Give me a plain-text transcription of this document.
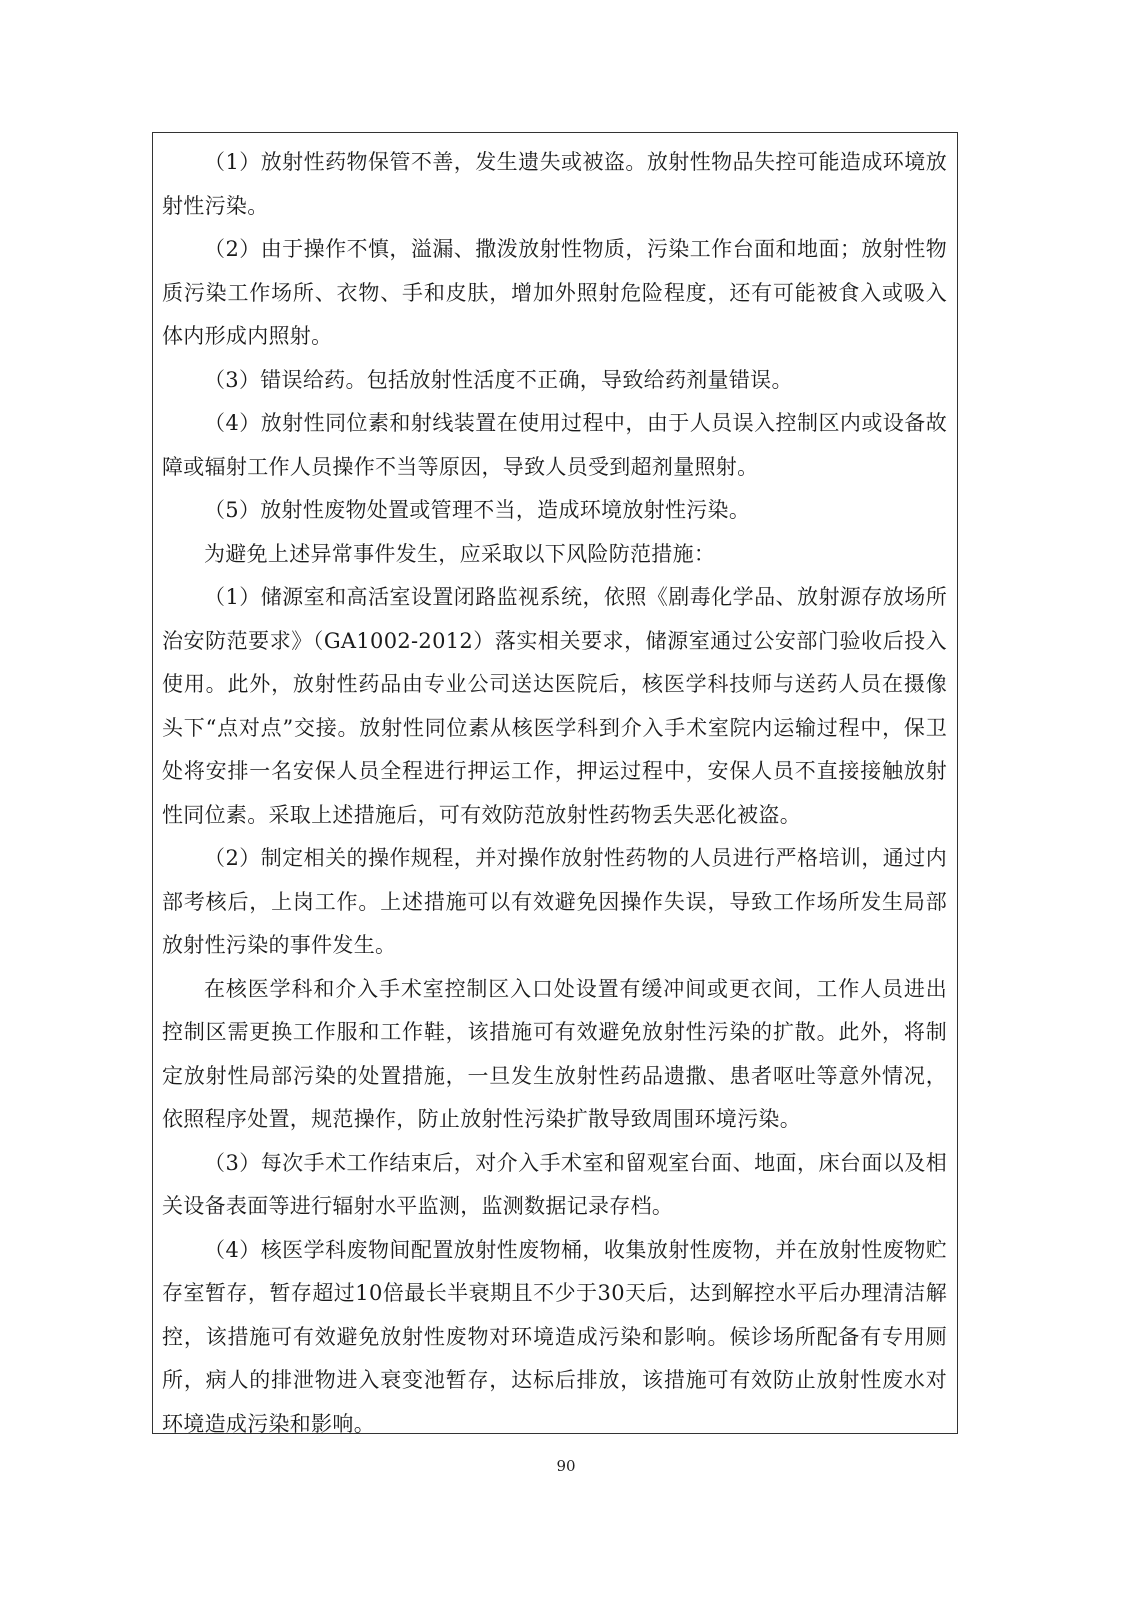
（1）放射性药物保管不善，发生遗失或被盗。放射性物品失控可能造成环境放射性污染。

（2）由于操作不慎，溢漏、撒泼放射性物质，污染工作台面和地面；放射性物质污染工作场所、衣物、手和皮肤，增加外照射危险程度，还有可能被食入或吸入体内形成内照射。

（3）错误给药。包括放射性活度不正确，导致给药剂量错误。

（4）放射性同位素和射线装置在使用过程中，由于人员误入控制区内或设备故障或辐射工作人员操作不当等原因，导致人员受到超剂量照射。

（5）放射性废物处置或管理不当，造成环境放射性污染。

为避免上述异常事件发生，应采取以下风险防范措施：

（1）储源室和高活室设置闭路监视系统，依照《剧毒化学品、放射源存放场所治安防范要求》（GA1002-2012）落实相关要求，储源室通过公安部门验收后投入使用。此外，放射性药品由专业公司送达医院后，核医学科技师与送药人员在摄像头下“点对点”交接。放射性同位素从核医学科到介入手术室院内运输过程中，保卫处将安排一名安保人员全程进行押运工作，押运过程中，安保人员不直接接触放射性同位素。采取上述措施后，可有效防范放射性药物丢失恶化被盗。

（2）制定相关的操作规程，并对操作放射性药物的人员进行严格培训，通过内部考核后，上岗工作。上述措施可以有效避免因操作失误，导致工作场所发生局部放射性污染的事件发生。

在核医学科和介入手术室控制区入口处设置有缓冲间或更衣间，工作人员进出控制区需更换工作服和工作鞋，该措施可有效避免放射性污染的扩散。此外，将制定放射性局部污染的处置措施，一旦发生放射性药品遗撒、患者呕吐等意外情况，依照程序处置，规范操作，防止放射性污染扩散导致周围环境污染。

（3）每次手术工作结束后，对介入手术室和留观室台面、地面，床台面以及相关设备表面等进行辐射水平监测，监测数据记录存档。

（4）核医学科废物间配置放射性废物桶，收集放射性废物，并在放射性废物贮存室暂存，暂存超过10倍最长半衰期且不少于30天后，达到解控水平后办理清洁解控，该措施可有效避免放射性废物对环境造成污染和影响。候诊场所配备有专用厕所，病人的排泄物进入衰变池暂存，达标后排放，该措施可有效防止放射性废水对环境造成污染和影响。

90
